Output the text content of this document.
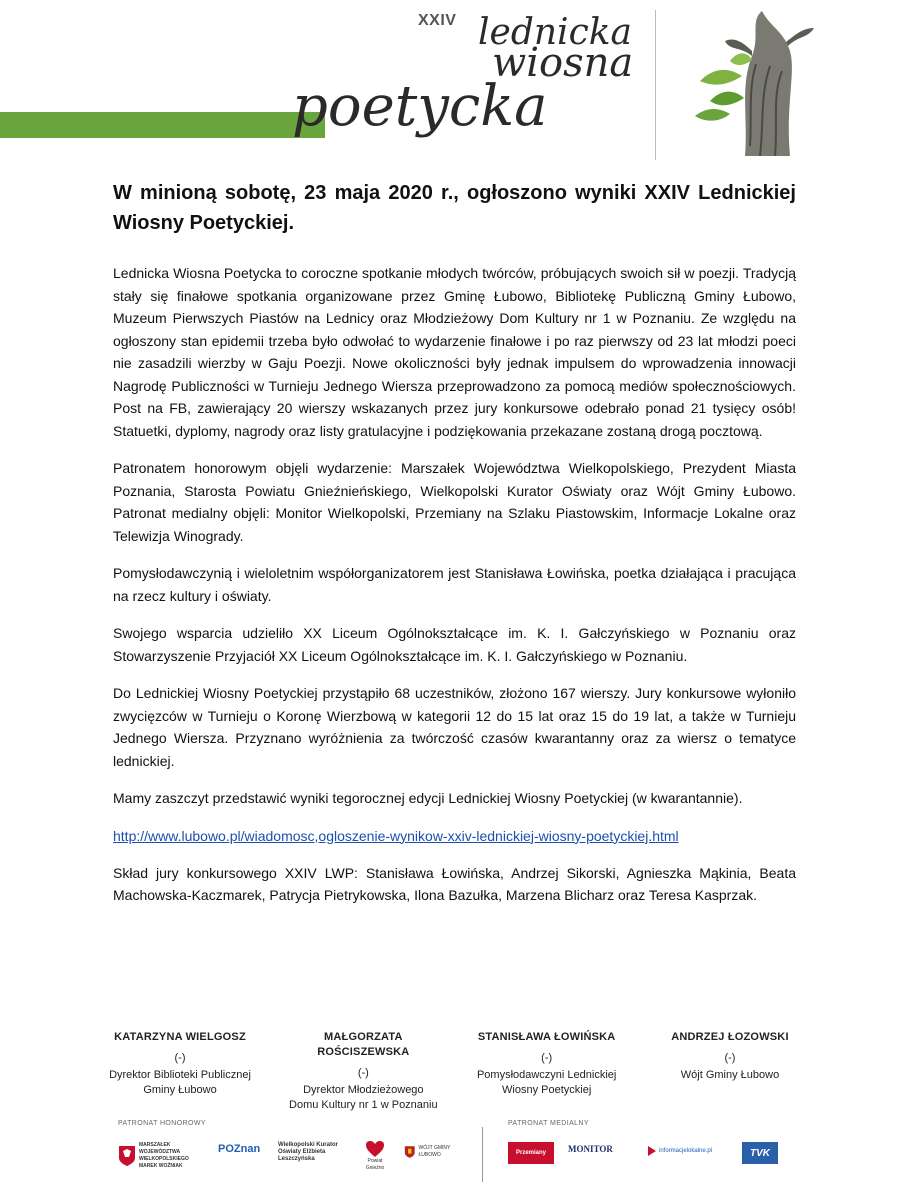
XXIV lednicka
wiosna
poetycka
W minioną sobotę, 23 maja 2020 r., ogłoszono wyniki XXIV Lednickiej Wiosny Poetyckiej.

Lednicka Wiosna Poetycka to coroczne spotkanie młodych twórców, próbujących swoich sił w poezji. Tradycją stały się finałowe spotkania organizowane przez Gminę Łubowo, Bibliotekę Publiczną Gminy Łubowo, Muzeum Pierwszych Piastów na Lednicy oraz Młodzieżowy Dom Kultury nr 1 w Poznaniu. Ze względu na ogłoszony stan epidemii trzeba było odwołać to wydarzenie finałowe i po raz pierwszy od 23 lat młodzi poeci nie zasadzili wierzby w Gaju Poezji. Nowe okoliczności były jednak impulsem do wprowadzenia innowacji Nagrodę Publiczności w Turnieju Jednego Wiersza przeprowadzono za pomocą mediów społecznościowych. Post na FB, zawierający 20 wierszy wskazanych przez jury konkursowe odebrało ponad 21 tysięcy osób! Statuetki, dyplomy, nagrody oraz listy gratulacyjne i podziękowania przekazane zostaną drogą pocztową.

Patronatem honorowym objęli wydarzenie: Marszałek Województwa Wielkopolskiego, Prezydent Miasta Poznania, Starosta Powiatu Gnieźnieńskiego, Wielkopolski Kurator Oświaty oraz Wójt Gminy Łubowo. Patronat medialny objęli: Monitor Wielkopolski, Przemiany na Szlaku Piastowskim, Informacje Lokalne oraz Telewizja Winogrady.

Pomysłodawczynią i wieloletnim współorganizatorem jest Stanisława Łowińska, poetka działająca i pracująca na rzecz kultury i oświaty.

Swojego wsparcia udzieliło XX Liceum Ogólnokształcące im. K. I. Gałczyńskiego w Poznaniu oraz Stowarzyszenie Przyjaciół XX Liceum Ogólnokształcące im. K. I. Gałczyńskiego w Poznaniu.

Do Lednickiej Wiosny Poetyckiej przystąpiło 68 uczestników, złożono 167 wierszy. Jury konkursowe wyłoniło zwycięzców w Turnieju o Koronę Wierzbową w kategorii 12 do 15 lat oraz 15 do 19 lat, a także w Turnieju Jednego Wiersza. Przyznano wyróżnienia za twórczość czasów kwarantanny oraz za wiersz o tematyce lednickiej.

Mamy zaszczyt przedstawić wyniki tegorocznej edycji Lednickiej Wiosny Poetyckiej (w kwarantannie).

http://www.lubowo.pl/wiadomosc,ogloszenie-wynikow-xxiv-lednickiej-wiosny-poetyckiej.html

Skład jury konkursowego XXIV LWP: Stanisława Łowińska, Andrzej Sikorski, Agnieszka Mąkinia, Beata Machowska-Kaczmarek, Patrycja Pietrykowska, Ilona Bazułka, Marzena Blicharz oraz Teresa Kasprzak.

KATARZYNA WIELGOSZ
(-)
Dyrektor Biblioteki Publicznej
Gminy Łubowo
MAŁGORZATA ROŚCISZEWSKA
(-)
Dyrektor Młodzieżowego
Domu Kultury nr 1 w Poznaniu
STANISŁAWA ŁOWIŃSKA
(-)
Pomysłodawczyni Lednickiej
Wiosny Poetyckiej
ANDRZEJ ŁOZOWSKI
(-)
Wójt Gminy Łubowo
PATRONAT HONOROWY	PATRONAT MEDIALNY
MARSZAŁEK WOJEWÓDZTWA WIELKOPOLSKIEGO MAREK WOŹNIAK
POZnan	Wielkopolski Kurator Oświaty Elżbieta Leszczyńska	Powiat Gnieźno
WÓJT GMINY ŁUBOWO	Przemiany MONITOR	informacjelokalne.pl	TVK
